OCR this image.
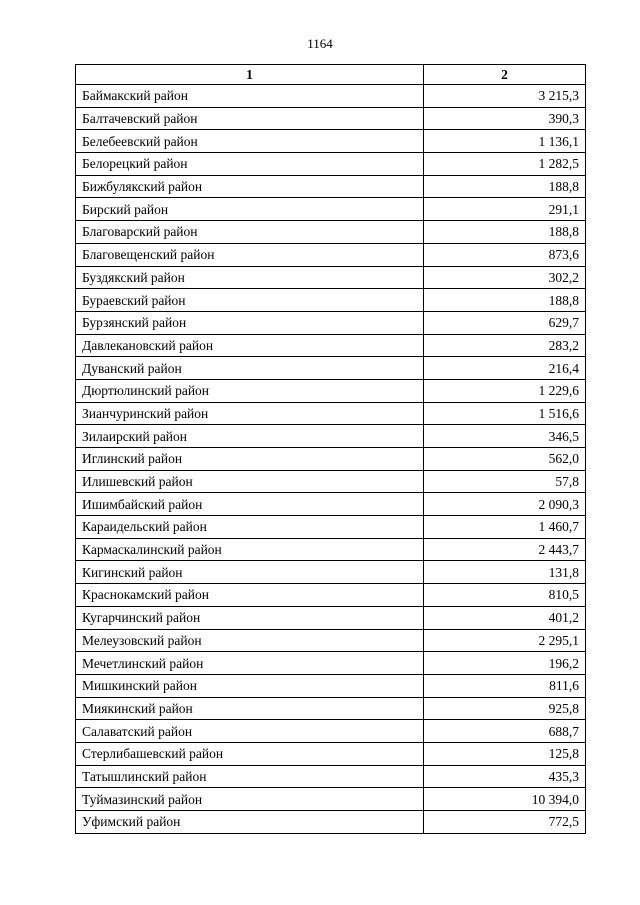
1164
1	2
Баймакский район	3 215,3
Балтачевский район	390,3
Белебеевский район	1 136,1
Белорецкий район	1 282,5
Бижбулякский район	188,8
Бирский район	291,1
Благоварский район	188,8
Благовещенский район	873,6
Буздякский район	302,2
Бураевский район	188,8
Бурзянский район	629,7
Давлекановский район	283,2
Дуванский район	216,4
Дюртюлинский район	1 229,6
Зианчуринский район	1 516,6
Зилаирский район	346,5
Иглинский район	562,0
Илишевский район	57,8
Ишимбайский район	2 090,3
Караидельский район	1 460,7
Кармаскалинский район	2 443,7
Кигинский район	131,8
Краснокамский район	810,5
Кугарчинский район	401,2
Мелеузовский район	2 295,1
Мечетлинский район	196,2
Мишкинский район	811,6
Миякинский район	925,8
Салаватский район	688,7
Стерлибашевский район	125,8
Татышлинский район	435,3
Туймазинский район	10 394,0
Уфимский район	772,5
